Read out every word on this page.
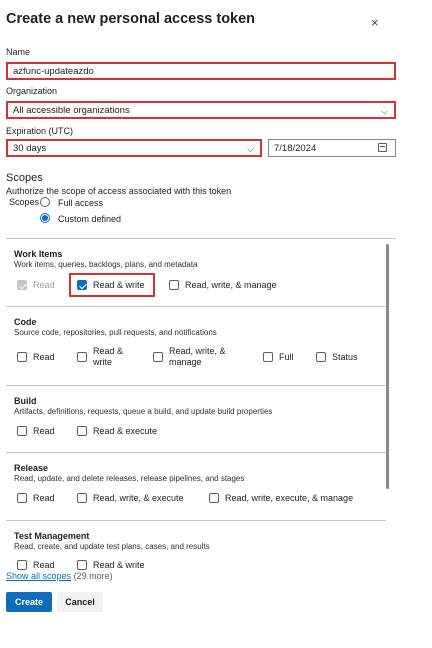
Create a new personal access token	×
Name
azfunc-updateazdo
Organization
All accessible organizations	⌵
Expiration (UTC)
30 days	⌵ 7/18/2024
Scopes
Authorize the scope of access associated with this token
Scopes Full access
Custom defined
Work Items
Work items, queries, backlogs, plans, and metadata
Read	Read & write	Read, write, & manage
Code
Source code, repositories, pull requests, and notifications
Read
Read &
write
Read, write, &
manage	Full	Status
Build
Artifacts, definitions, requests, queue a build, and update build properties
Read	Read & execute
Release
Read, update, and delete releases, release pipelines, and stages
Read	Read, write, & execute	Read, write, execute, & manage
Test Management
Read, create, and update test plans, cases, and results
Read	Read & write
Show all scopes (29 more)
Create	Cancel
